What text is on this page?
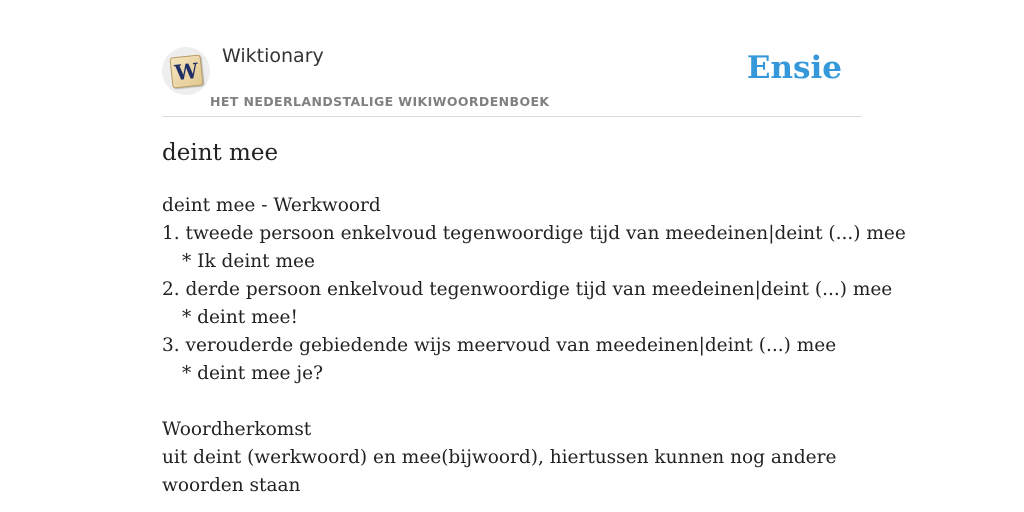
W
Wiktionary
HET NEDERLANDSTALIGE WIKIWOORDENBOEK
Ensie
deint mee
deint mee - Werkwoord
1. tweede persoon enkelvoud tegenwoordige tijd van meedeinen|deint (...) mee
* Ik deint mee
2. derde persoon enkelvoud tegenwoordige tijd van meedeinen|deint (...) mee
* deint mee!
3. verouderde gebiedende wijs meervoud van meedeinen|deint (...) mee
* deint mee je?
Woordherkomst
uit deint (werkwoord) en mee(bijwoord), hiertussen kunnen nog andere woorden staan
